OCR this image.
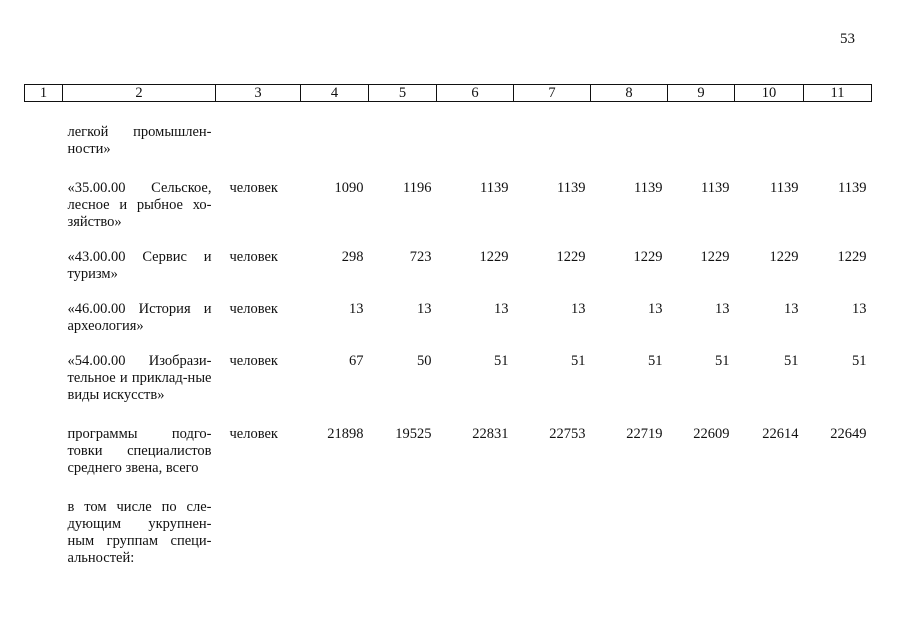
53
1	2	3	4	5	6	7	8	9	10	11
легкой промышлен-ности»										
«35.00.00 Сельское, лесное и рыбное хо-зяйство»		человек	1090	1196	1139	1139	1139	1139	1139	1139
«43.00.00 Сервис и туризм»		человек	298	723	1229	1229	1229	1229	1229	1229
«46.00.00 История и археология»		человек	13	13	13	13	13	13	13	13
«54.00.00 Изобрази-тельное и приклад-ные виды искусств»		человек	67	50	51	51	51	51	51	51
программы подго-товки специалистов среднего звена, всего		человек	21898	19525	22831	22753	22719	22609	22614	22649
в том числе по сле-дующим укрупнен-ным группам специ-альностей:										
